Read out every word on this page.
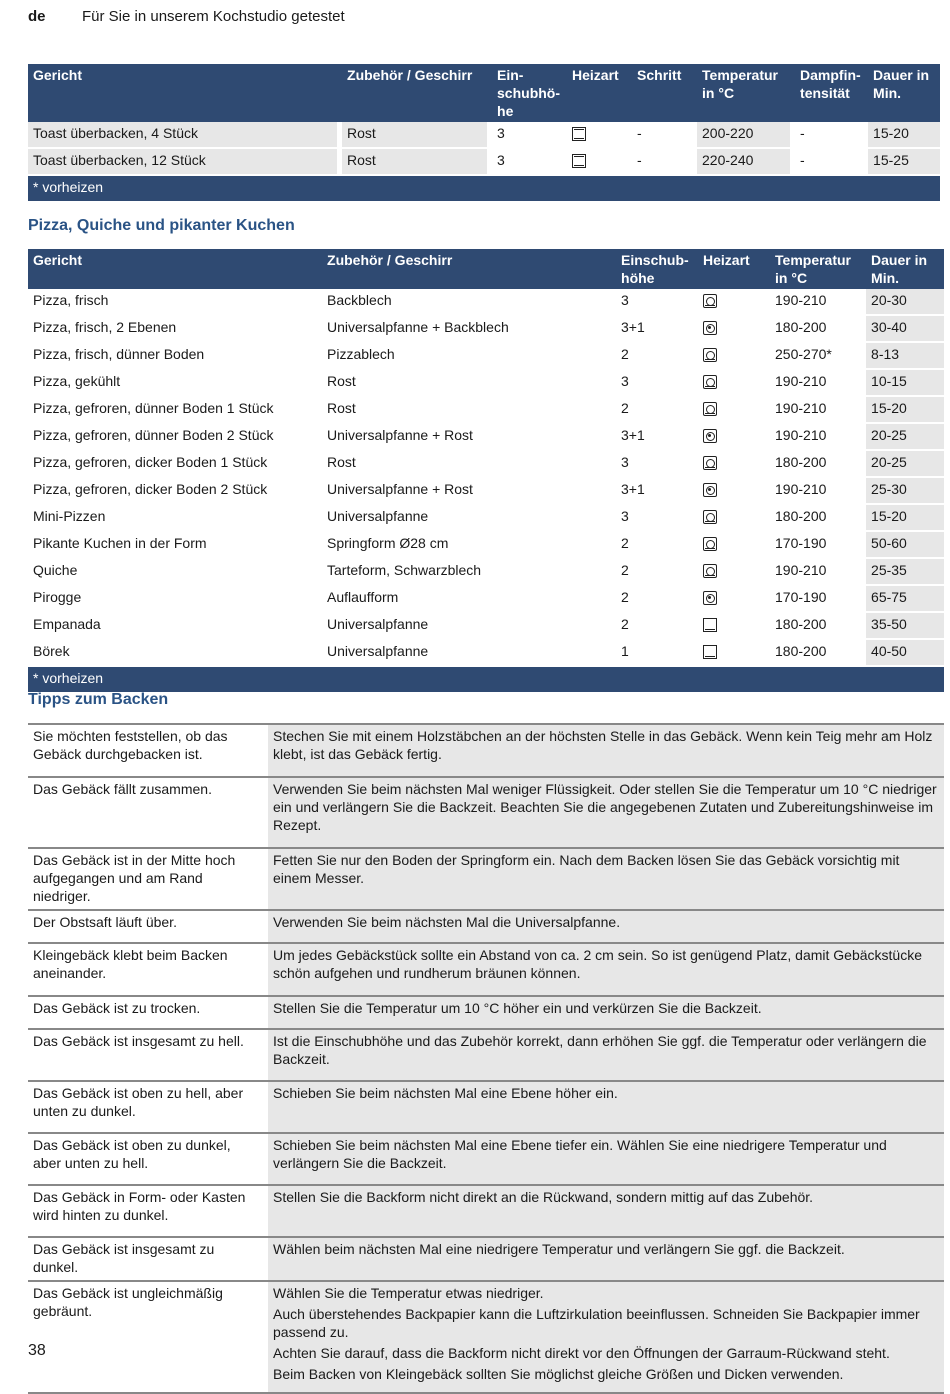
de Für Sie in unserem Kochstudio getestet
Gericht		Zubehör / Geschirr		Ein-schubhö-he		Heizart		Schritt		Temperatur in °C		Dampfin-tensität		Dauer in Min.
Toast überbacken, 4 Stück		Rost		3				-		200-220		-		15-20
Toast überbacken, 12 Stück		Rost		3				-		220-240		-		15-25
* vorheizen														
Pizza, Quiche und pikanter Kuchen
Gericht		Zubehör / Geschirr		Einschub-höhe		Heizart		Temperatur in °C		Dauer in Min.
Pizza, frisch		Backblech		3				190-210		20-30
Pizza, frisch, 2 Ebenen		Universalpfanne + Backblech		3+1				180-200		30-40
Pizza, frisch, dünner Boden		Pizzablech		2				250-270*		8-13
Pizza, gekühlt		Rost		3				190-210		10-15
Pizza, gefroren, dünner Boden 1 Stück		Rost		2				190-210		15-20
Pizza, gefroren, dünner Boden 2 Stück		Universalpfanne + Rost		3+1				190-210		20-25
Pizza, gefroren, dicker Boden 1 Stück		Rost		3				180-200		20-25
Pizza, gefroren, dicker Boden 2 Stück		Universalpfanne + Rost		3+1				190-210		25-30
Mini-Pizzen		Universalpfanne		3				180-200		15-20
Pikante Kuchen in der Form		Springform Ø28 cm		2				170-190		50-60
Quiche		Tarteform, Schwarzblech		2				190-210		25-35
Pirogge		Auflaufform		2				170-190		65-75
Empanada		Universalpfanne		2				180-200		35-50
Börek		Universalpfanne		1				180-200		40-50
* vorheizen										
Tipps zum Backen
Sie möchten feststellen, ob das Gebäck durchgebacken ist.		Stechen Sie mit einem Holzstäbchen an der höchsten Stelle in das Gebäck. Wenn kein Teig mehr am Holz klebt, ist das Gebäck fertig.

Das Gebäck fällt zusammen.		Verwenden Sie beim nächsten Mal weniger Flüssigkeit. Oder stellen Sie die Temperatur um 10 °C niedriger ein und verlängern Sie die Backzeit. Beachten Sie die angegebenen Zutaten und Zubereitungshinweise im Rezept.

Das Gebäck ist in der Mitte hoch aufgegangen und am Rand niedriger.		Fetten Sie nur den Boden der Springform ein. Nach dem Backen lösen Sie das Gebäck vorsichtig mit einem Messer.

Der Obstsaft läuft über.		Verwenden Sie beim nächsten Mal die Universalpfanne.

Kleingebäck klebt beim Backen aneinander.		Um jedes Gebäckstück sollte ein Abstand von ca. 2 cm sein. So ist genügend Platz, damit Gebäckstücke schön aufgehen und rundherum bräunen können.

Das Gebäck ist zu trocken.		Stellen Sie die Temperatur um 10 °C höher ein und verkürzen Sie die Backzeit.

Das Gebäck ist insgesamt zu hell.		Ist die Einschubhöhe und das Zubehör korrekt, dann erhöhen Sie ggf. die Temperatur oder verlängern die Backzeit.

Das Gebäck ist oben zu hell, aber unten zu dunkel.		Schieben Sie beim nächsten Mal eine Ebene höher ein.

Das Gebäck ist oben zu dunkel, aber unten zu hell.		Schieben Sie beim nächsten Mal eine Ebene tiefer ein. Wählen Sie eine niedrigere Temperatur und verlängern Sie die Backzeit.

Das Gebäck in Form- oder Kasten wird hinten zu dunkel.		Stellen Sie die Backform nicht direkt an die Rückwand, sondern mittig auf das Zubehör.

Das Gebäck ist insgesamt zu dunkel.		Wählen beim nächsten Mal eine niedrigere Temperatur und verlängern Sie ggf. die Backzeit.

Das Gebäck ist ungleichmäßig gebräunt.		Wählen Sie die Temperatur etwas niedriger.

Auch überstehendes Backpapier kann die Luftzirkulation beeinflussen. Schneiden Sie Backpapier immer passend zu.

Achten Sie darauf, dass die Backform nicht direkt vor den Öffnungen der Garraum-Rückwand steht.

Beim Backen von Kleingebäck sollten Sie möglichst gleiche Größen und Dicken verwenden.

38
